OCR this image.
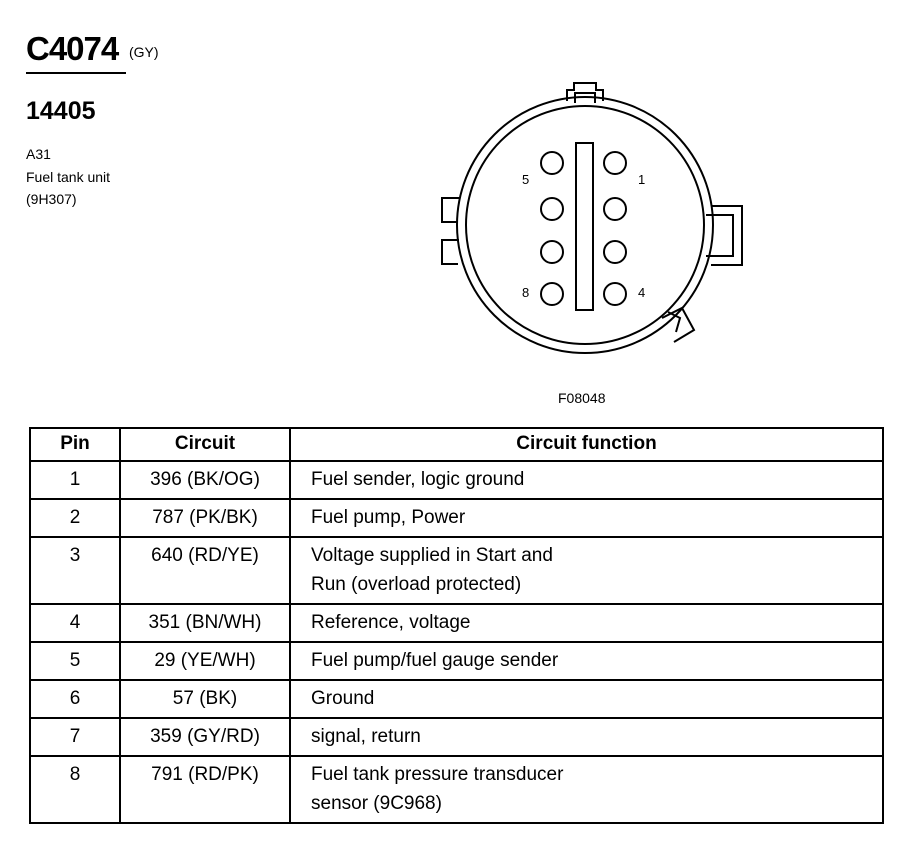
C4074 (GY)
14405
A31
Fuel tank unit
(9H307)
5	1
8	4
F08048
Pin	Circuit	Circuit function
1	396 (BK/OG)	Fuel sender, logic ground

2	787 (PK/BK)	Fuel pump, Power

3	640 (RD/YE)	Voltage supplied in Start and
Run (overload protected)

4	351 (BN/WH)	Reference, voltage

5	29 (YE/WH)	Fuel pump/fuel gauge sender

6	57 (BK)	Ground

7	359 (GY/RD)	signal, return

8	791 (RD/PK)	Fuel tank pressure transducer
sensor (9C968)
